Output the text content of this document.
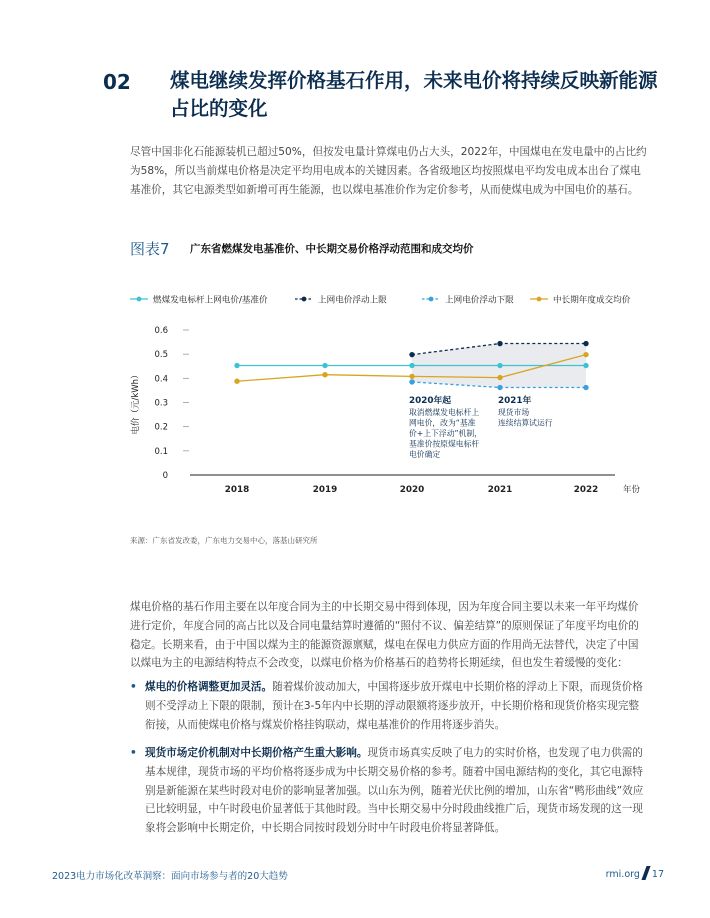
02 煤电继续发挥价格基石作用，未来电价将持续反映新能源占比的变化
尽管中国非化石能源装机已超过50%，但按发电量计算煤电仍占大头，2022年，中国煤电在发电量中的占比约为58%，所以当前煤电价格是决定平均用电成本的关键因素。各省级地区均按照煤电平均发电成本出台了煤电基准价，其它电源类型如新增可再生能源，也以煤电基准价作为定价参考，从而使煤电成为中国电价的基石。
图表7 广东省燃煤发电基准价、中长期交易价格浮动范围和成交均价
燃煤发电标杆上网电价/基准价	上网电价浮动上限	上网电价浮动下限	中长期年度成交均价
0
0.1
0.2
0.3
0.4
0.5
0.6
电价（元/kWh）
2018	2019	2020	2021	2022	年份
2020年起
取消燃煤发电标杆上
网电价，改为“基准
价+上下浮动”机制，
基准价按原煤电标杆
电价确定
2021年
现货市场
连续结算试运行
来源：广东省发改委，广东电力交易中心，落基山研究所
煤电价格的基石作用主要在以年度合同为主的中长期交易中得到体现，因为年度合同主要以未来一年平均煤价进行定价，年度合同的高占比以及合同电量结算时遵循的“照付不议、偏差结算”的原则保证了年度平均电价的稳定。长期来看，由于中国以煤为主的能源资源禀赋，煤电在保电力供应方面的作用尚无法替代，决定了中国以煤电为主的电源结构特点不会改变，以煤电价格为价格基石的趋势将长期延续，但也发生着缓慢的变化：
• 煤电的价格调整更加灵活。随着煤价波动加大，中国将逐步放开煤电中长期价格的浮动上下限，而现货价格则不受浮动上下限的限制，预计在3-5年内中长期的浮动限额将逐步放开，中长期价格和现货价格实现完整衔接，从而使煤电价格与煤炭价格挂钩联动，煤电基准价的作用将逐步消失。
• 现货市场定价机制对中长期价格产生重大影响。现货市场真实反映了电力的实时价格，也发现了电力供需的基本规律，现货市场的平均价格将逐步成为中长期交易价格的参考。随着中国电源结构的变化，其它电源特别是新能源在某些时段对电价的影响显著加强。以山东为例，随着光伏比例的增加，山东省“鸭形曲线”效应已比较明显，中午时段电价显著低于其他时段。当中长期交易中分时段曲线推广后，现货市场发现的这一现象将会影响中长期定价，中长期合同按时段划分时中午时段电价将显著降低。
2023电力市场化改革洞察：面向市场参与者的20大趋势	rmi.org 17
